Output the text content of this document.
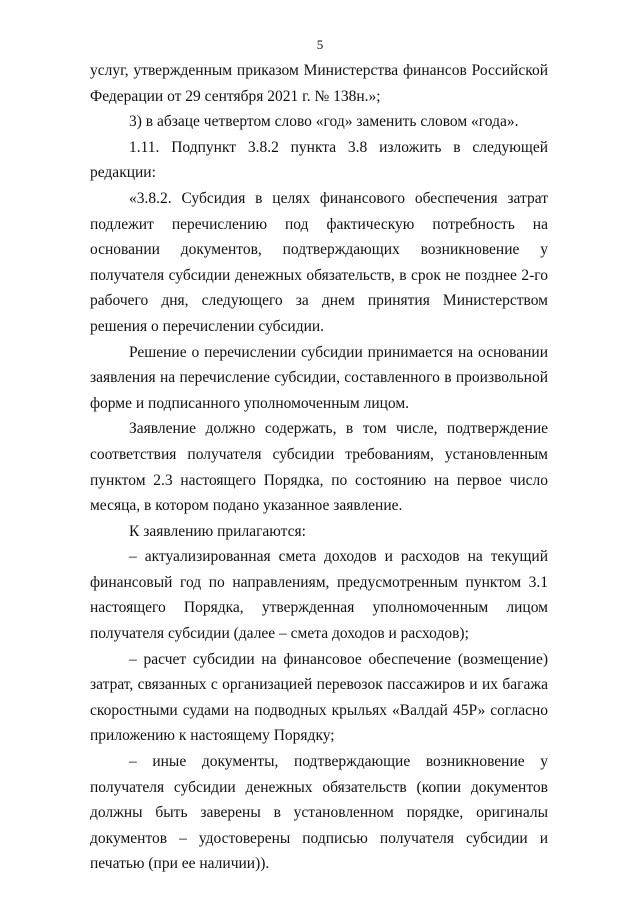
5

услуг, утвержденным приказом Министерства финансов Российской Федерации от 29 сентября 2021 г. № 138н.»;

3) в абзаце четвертом слово «год» заменить словом «года».

1.11. Подпункт 3.8.2 пункта 3.8 изложить в следующей редакции:

«3.8.2. Субсидия в целях финансового обеспечения затрат подлежит перечислению под фактическую потребность на основании документов, подтверждающих возникновение у получателя субсидии денежных обязательств, в срок не позднее 2-го рабочего дня, следующего за днем принятия Министерством решения о перечислении субсидии.

Решение о перечислении субсидии принимается на основании заявления на перечисление субсидии, составленного в произвольной форме и подписанного уполномоченным лицом.

Заявление должно содержать, в том числе, подтверждение соответствия получателя субсидии требованиям, установленным пунктом 2.3 настоящего Порядка, по состоянию на первое число месяца, в котором подано указанное заявление.

К заявлению прилагаются:

– актуализированная смета доходов и расходов на текущий финансовый год по направлениям, предусмотренным пунктом 3.1 настоящего Порядка, утвержденная уполномоченным лицом получателя субсидии (далее – смета доходов и расходов);

– расчет субсидии на финансовое обеспечение (возмещение) затрат, связанных с организацией перевозок пассажиров и их багажа скоростными судами на подводных крыльях «Валдай 45Р» согласно приложению к настоящему Порядку;

– иные документы, подтверждающие возникновение у получателя субсидии денежных обязательств (копии документов должны быть заверены в установленном порядке, оригиналы документов – удостоверены подписью получателя субсидии и печатью (при ее наличии)).
